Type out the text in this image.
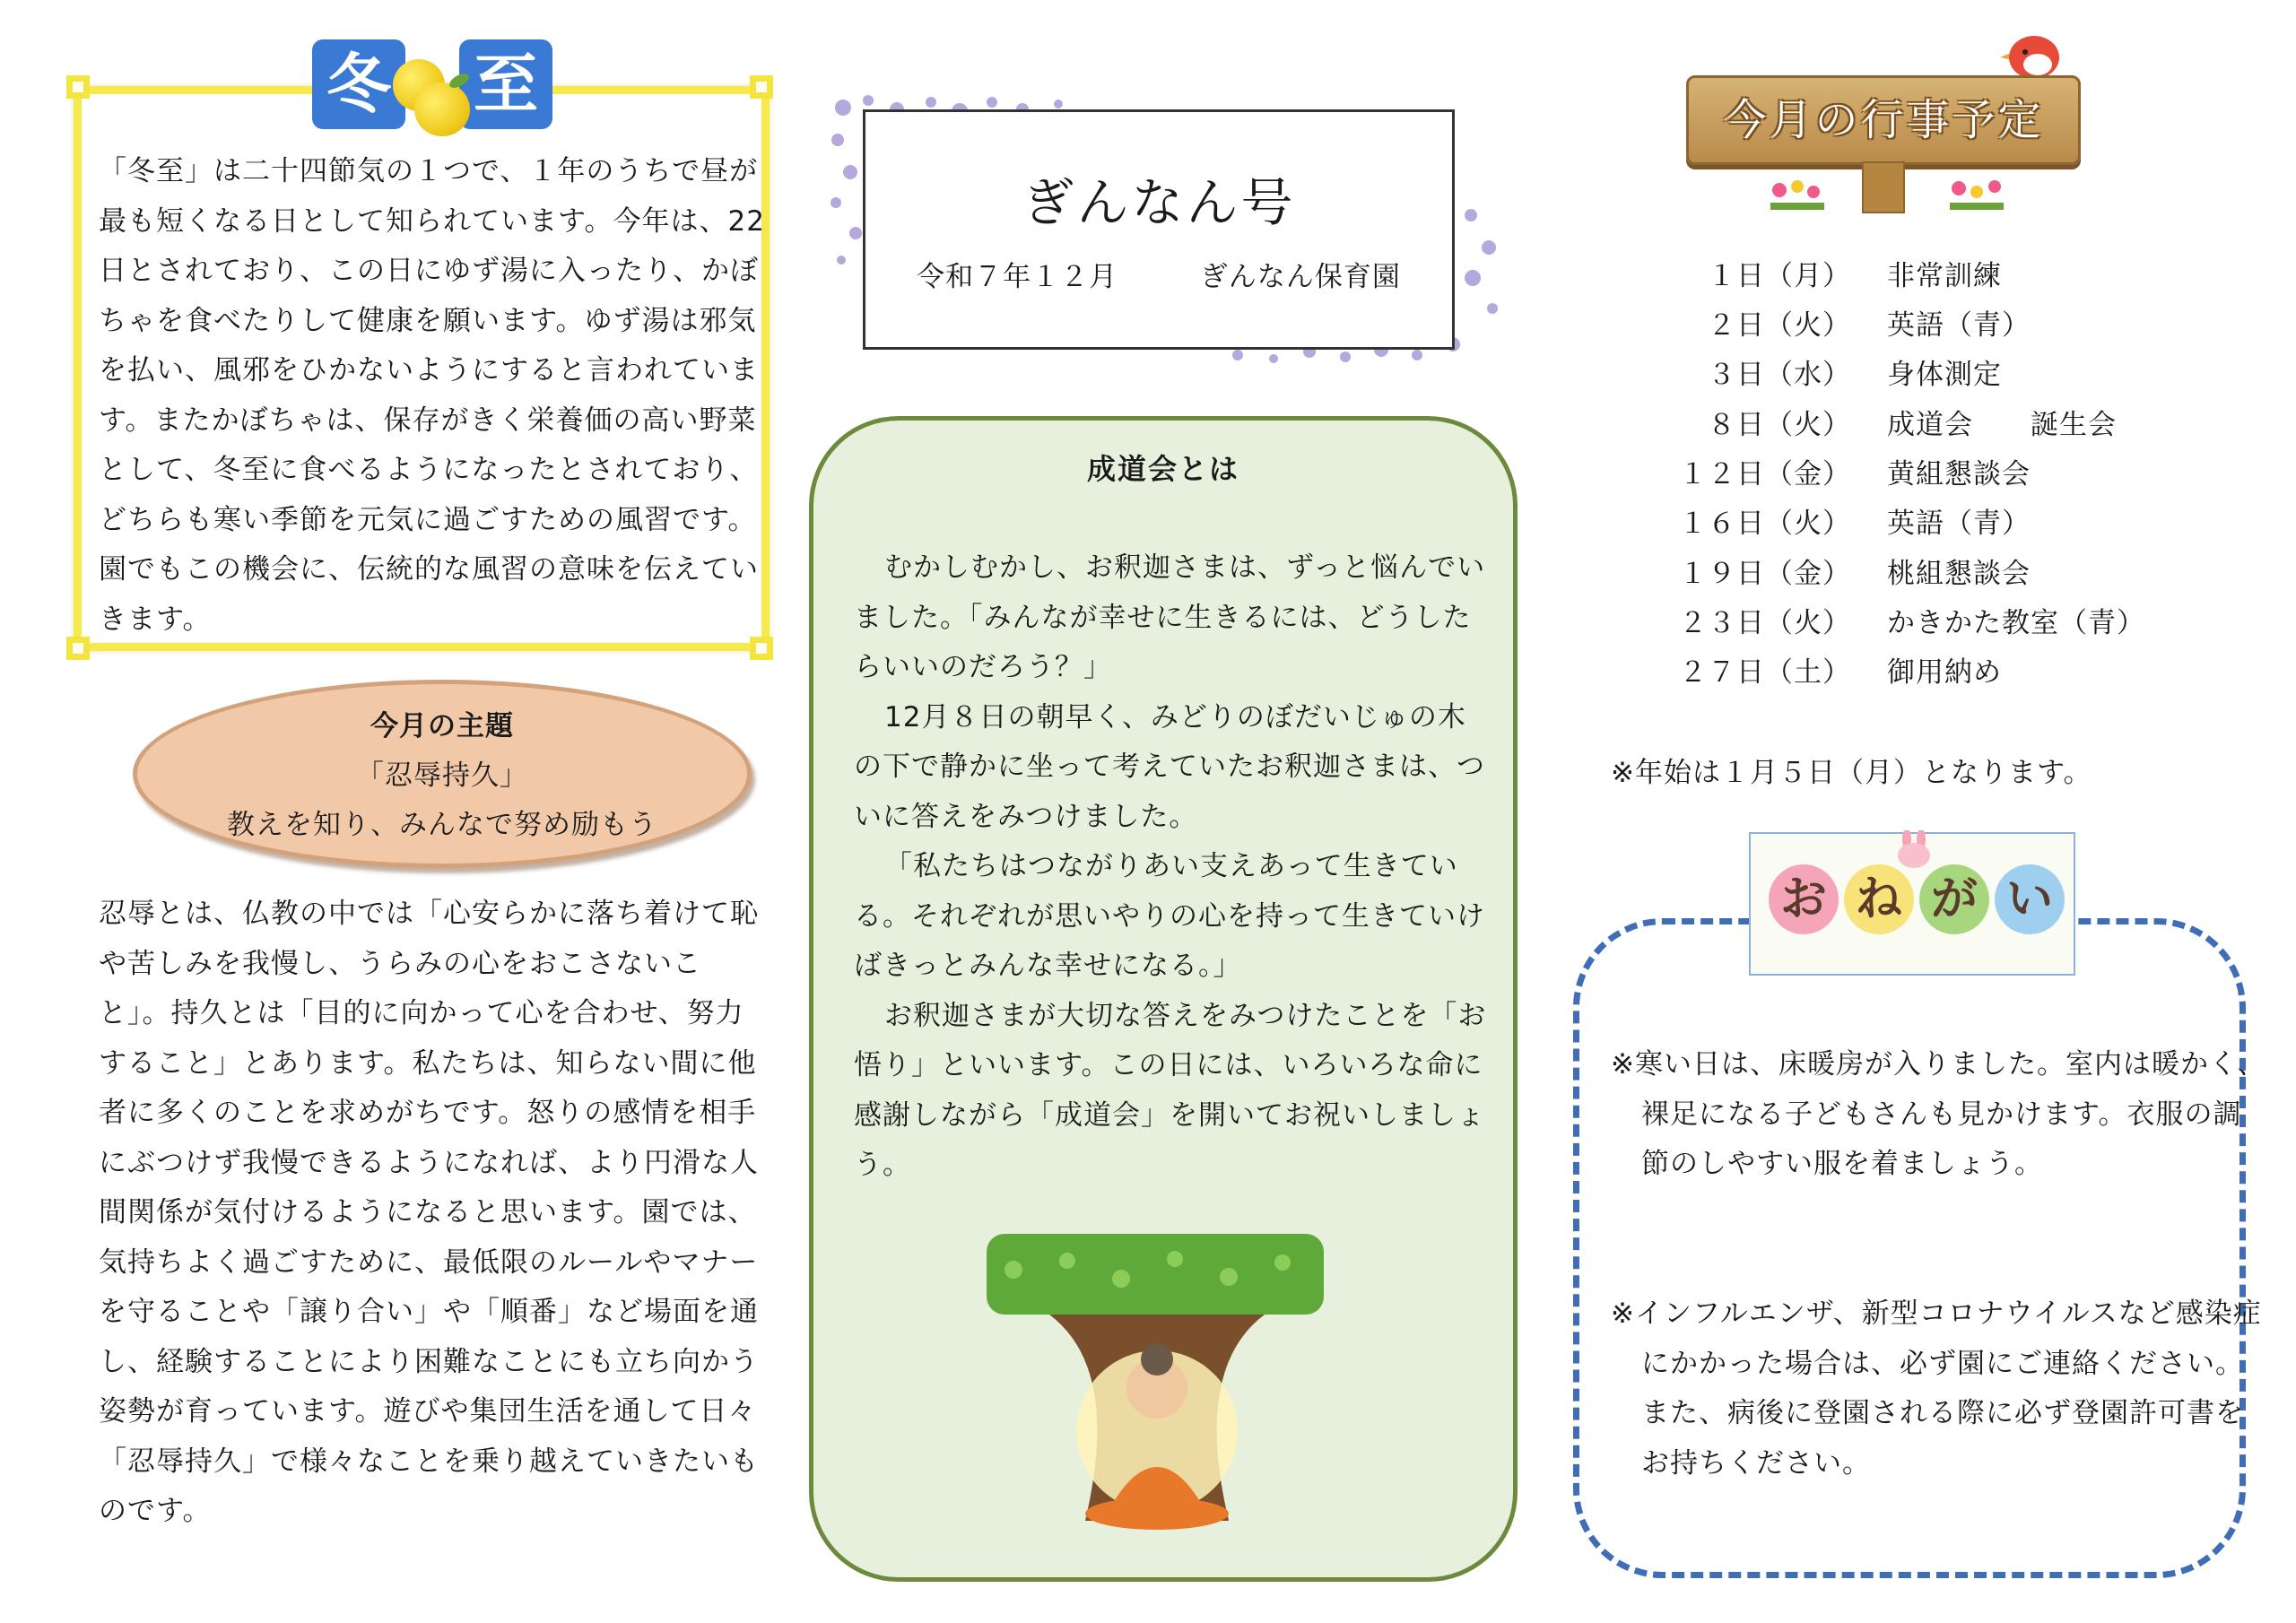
冬 至

「冬至」は二十四節気の１つで、１年のうちで昼が最も短くなる日として知られています。今年は、22日とされており、この日にゆず湯に入ったり、かぼちゃを食べたりして健康を願います。ゆず湯は邪気を払い、風邪をひかないようにすると言われています。またかぼちゃは、保存がきく栄養価の高い野菜として、冬至に食べるようになったとされており、どちらも寒い季節を元気に過ごすための風習です。園でもこの機会に、伝統的な風習の意味を伝えていきます。

今月の主題
「忍辱持久」
教えを知り、みんなで努め励もう

忍辱とは、仏教の中では「心安らかに落ち着けて恥や苦しみを我慢し、うらみの心をおこさないこと」。持久とは「目的に向かって心を合わせ、努力すること」とあります。私たちは、知らない間に他者に多くのことを求めがちです。怒りの感情を相手にぶつけず我慢できるようになれば、より円滑な人間関係が気付けるようになると思います。園では、気持ちよく過ごすために、最低限のルールやマナーを守ることや「譲り合い」や「順番」など場面を通し、経験することにより困難なことにも立ち向かう姿勢が育っています。遊びや集団生活を通して日々「忍辱持久」で様々なことを乗り越えていきたいものです。

ぎんなん号
令和７年１２月	ぎんなん保育園
成道会とは

むかしむかし、お釈迦さまは、ずっと悩んでいました。「みんなが幸せに生きるには、どうしたらいいのだろう？」

12月８日の朝早く、みどりのぼだいじゅの木の下で静かに坐って考えていたお釈迦さまは、ついに答えをみつけました。

「私たちはつながりあい支えあって生きている。それぞれが思いやりの心を持って生きていけばきっとみんな幸せになる。」

お釈迦さまが大切な答えをみつけたことを「お悟り」といいます。この日には、いろいろな命に感謝しながら「成道会」を開いてお祝いしましょう。

今月の行事予定
１日（月） 非常訓練
２日（火） 英語（青）
３日（水） 身体測定
８日（火） 成道会　　誕生会
１２日（金） 黄組懇談会
１６日（火） 英語（青）
１９日（金） 桃組懇談会
２３日（火） かきかた教室（青）
２７日（土） 御用納め
※年始は１月５日（月）となります。
お ね が い

※寒い日は、床暖房が入りました。室内は暖かく、裸足になる子どもさんも見かけます。衣服の調節のしやすい服を着ましょう。

※インフルエンザ、新型コロナウイルスなど感染症にかかった場合は、必ず園にご連絡ください。また、病後に登園される際に必ず登園許可書をお持ちください。
